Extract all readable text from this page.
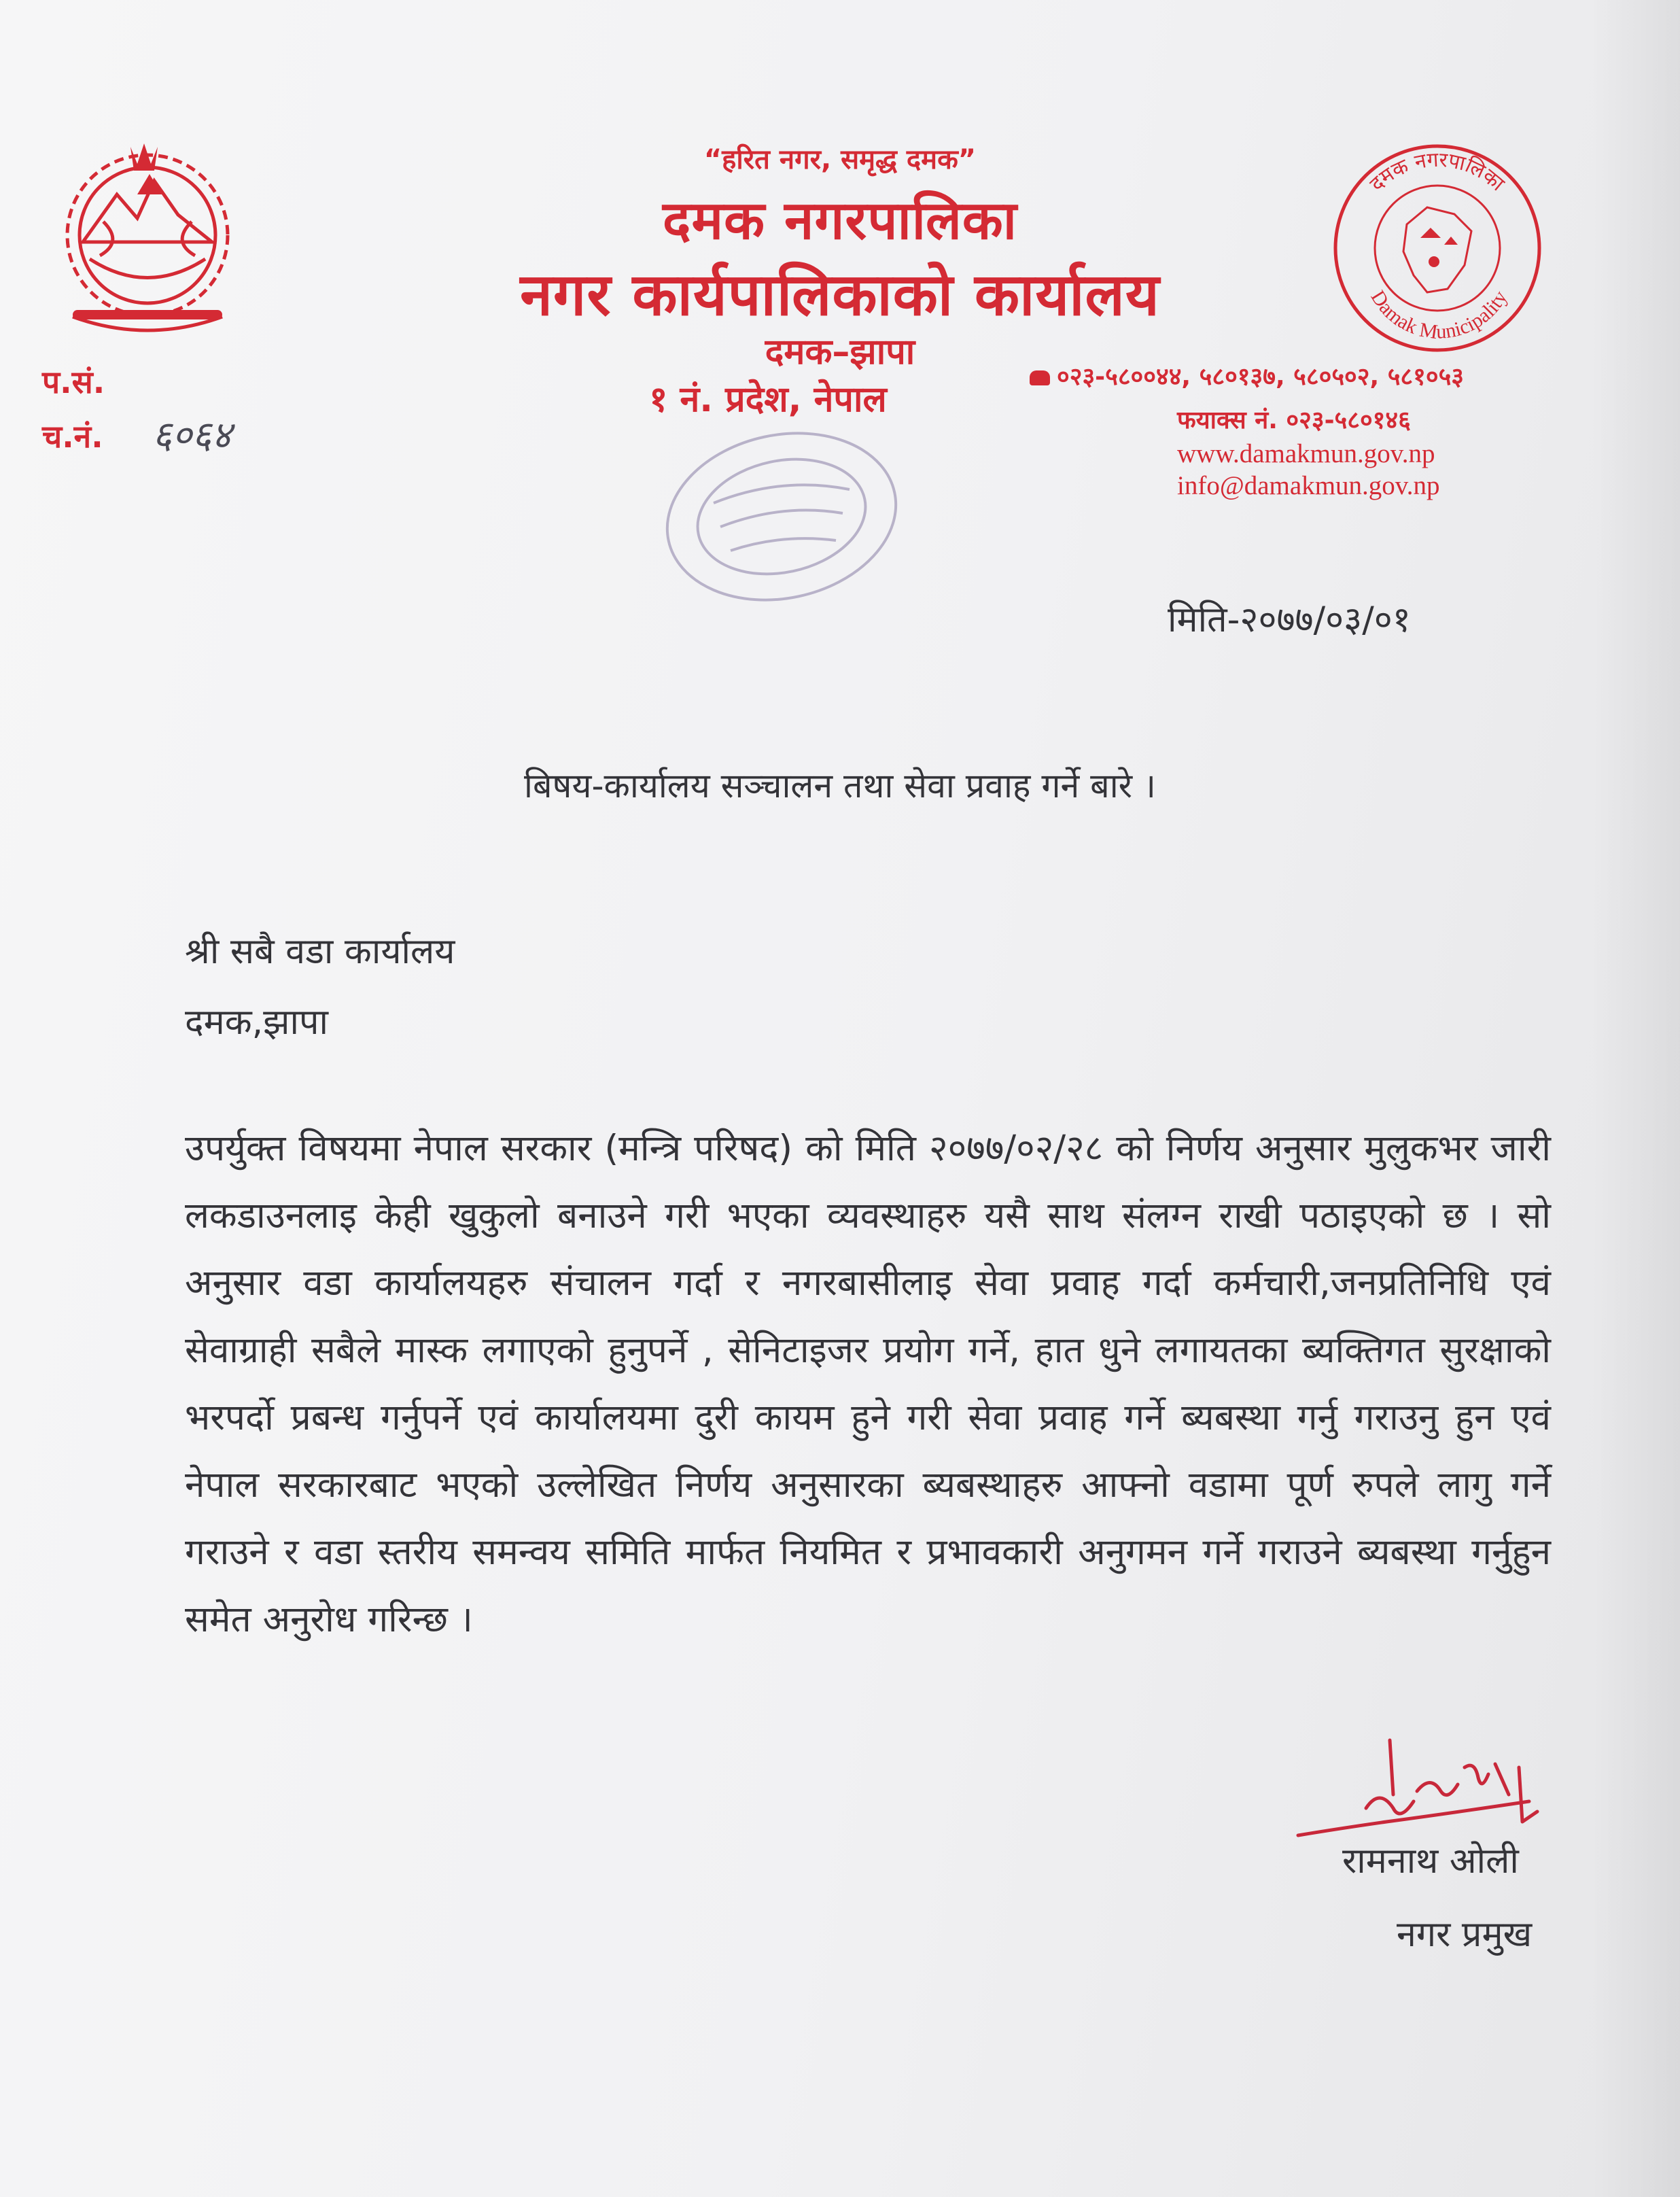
“हरित नगर, समृद्ध दमक”
दमक नगरपालिका
नगर कार्यपालिकाको कार्यालय
दमक–झापा
१ नं. प्रदेश, नेपाल
दमक नगरपालिका
Damak Municipality
प.सं.
च.नं. ६०६४
०२३-५८००४४, ५८०१३७, ५८०५०२, ५८१०५३
फयाक्स नं. ०२३-५८०१४६
www.damakmun.gov.np
info@damakmun.gov.np
मिति-२०७७/०३/०१
बिषय-कार्यालय सञ्चालन तथा सेवा प्रवाह गर्ने बारे ।
श्री सबै वडा कार्यालय
दमक,झापा
उपर्युक्त विषयमा नेपाल सरकार (मन्त्रि परिषद) को मिति २०७७/०२/२८ को निर्णय अनुसार मुलुकभर जारी लकडाउनलाइ केही खुकुलो बनाउने गरी भएका व्यवस्थाहरु यसै साथ संलग्न राखी पठाइएको छ । सो अनुसार वडा कार्यालयहरु संचालन गर्दा र नगरबासीलाइ सेवा प्रवाह गर्दा कर्मचारी,जनप्रतिनिधि एवं सेवाग्राही सबैले मास्क लगाएको हुनुपर्ने , सेनिटाइजर प्रयोग गर्ने, हात धुने लगायतका ब्यक्तिगत सुरक्षाको भरपर्दो प्रबन्ध गर्नुपर्ने एवं कार्यालयमा दुरी कायम हुने गरी सेवा प्रवाह गर्ने ब्यबस्था गर्नु गराउनु हुन एवं नेपाल सरकारबाट भएको उल्लेखित निर्णय अनुसारका ब्यबस्थाहरु आफ्नो वडामा पूर्ण रुपले लागु गर्ने गराउने र वडा स्तरीय समन्वय समिति मार्फत नियमित र प्रभावकारी अनुगमन गर्ने गराउने ब्यबस्था गर्नुहुन समेत अनुरोध गरिन्छ ।
रामनाथ ओली
नगर प्रमुख
